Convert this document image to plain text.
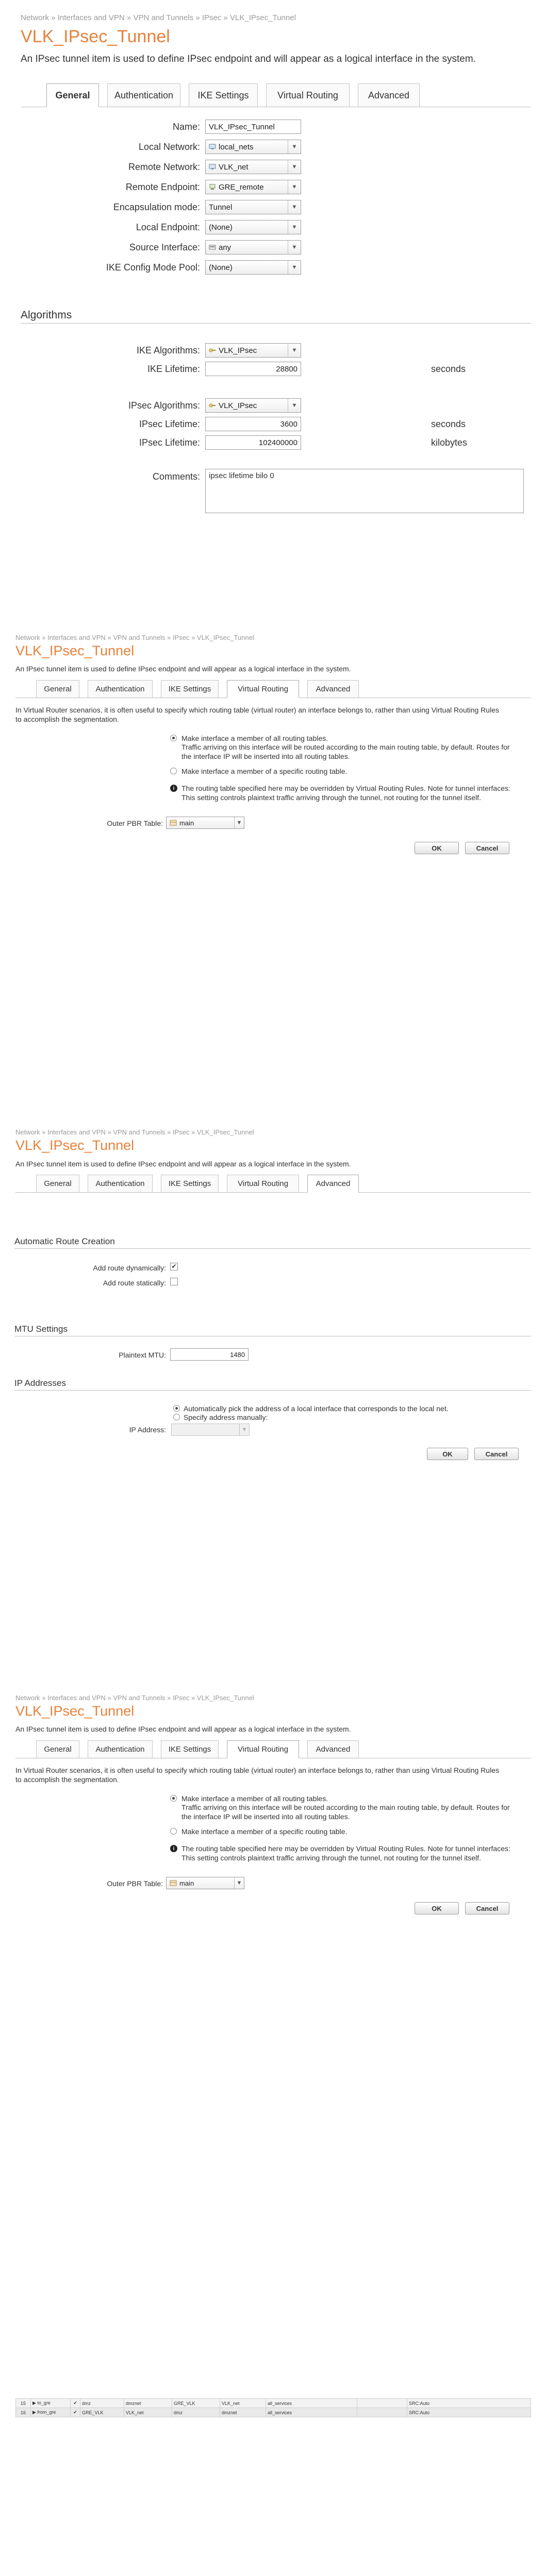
Network » Interfaces and VPN » VPN and Tunnels » IPsec » VLK_IPsec_Tunnel
VLK_IPsec_Tunnel
An IPsec tunnel item is used to define IPsec endpoint and will appear as a logical interface in the system.
General	Authentication	IKE Settings	Virtual Routing	Advanced
Name:	VLK_IPsec_Tunnel
Local Network: local_nets	▼
Remote Network: VLK_net	▼
Remote Endpoint: GRE_remote	▼
Encapsulation mode: Tunnel	▼
Local Endpoint: (None)	▼
Source Interface: any	▼
IKE Config Mode Pool: (None)	▼
Algorithms
IKE Algorithms: VLK_IPsec	▼
IKE Lifetime:	28800	seconds
IPsec Algorithms: VLK_IPsec	▼
IPsec Lifetime:	3600	seconds
IPsec Lifetime:	102400000	kilobytes
Comments:	ipsec lifetime bilo 0
Network » Interfaces and VPN » VPN and Tunnels » IPsec » VLK_IPsec_Tunnel
VLK_IPsec_Tunnel
An IPsec tunnel item is used to define IPsec endpoint and will appear as a logical interface in the system.
General	Authentication	IKE Settings	Virtual Routing	Advanced
In Virtual Router scenarios, it is often useful to specify which routing table (virtual router) an interface belongs to, rather than using Virtual Routing Rules to accomplish the segmentation.
Make interface a member of all routing tables.
Traffic arriving on this interface will be routed according to the main routing table, by default. Routes for the interface IP will be inserted into all routing tables.
Make interface a member of a specific routing table.
i The routing table specified here may be overridden by Virtual Routing Rules. Note for tunnel interfaces: This setting controls plaintext traffic arriving through the tunnel, not routing for the tunnel itself.
Outer PBR Table: main	▼
OK	Cancel
Network » Interfaces and VPN » VPN and Tunnels » IPsec » VLK_IPsec_Tunnel
VLK_IPsec_Tunnel
An IPsec tunnel item is used to define IPsec endpoint and will appear as a logical interface in the system.
General	Authentication	IKE Settings	Virtual Routing	Advanced
Automatic Route Creation
Add route dynamically: ✔
Add route statically:
MTU Settings
Plaintext MTU:	1480
IP Addresses
Automatically pick the address of a local interface that corresponds to the local net.
Specify address manually:
IP Address:	▼
OK	Cancel
Network » Interfaces and VPN » VPN and Tunnels » IPsec » VLK_IPsec_Tunnel
VLK_IPsec_Tunnel
An IPsec tunnel item is used to define IPsec endpoint and will appear as a logical interface in the system.
General	Authentication	IKE Settings	Virtual Routing	Advanced
In Virtual Router scenarios, it is often useful to specify which routing table (virtual router) an interface belongs to, rather than using Virtual Routing Rules to accomplish the segmentation.
Make interface a member of all routing tables.
Traffic arriving on this interface will be routed according to the main routing table, by default. Routes for the interface IP will be inserted into all routing tables.
Make interface a member of a specific routing table.
i The routing table specified here may be overridden by Virtual Routing Rules. Note for tunnel interfaces: This setting controls plaintext traffic arriving through the tunnel, not routing for the tunnel itself.
Outer PBR Table: main	▼
OK	Cancel
15	▶ to_gre	✔	dmz	dmznet	GRE_VLK	VLK_net	all_services		SRC:Auto
16	▶ from_gre	✔	GRE_VLK	VLK_net	dmz	dmznet	all_services		SRC:Auto
